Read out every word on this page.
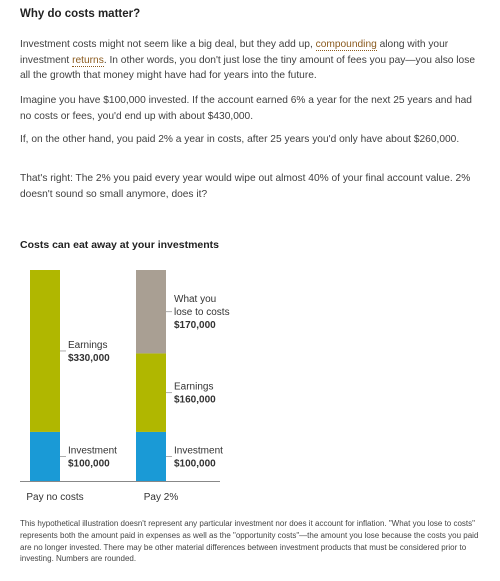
Why do costs matter?

Investment costs might not seem like a big deal, but they add up, compounding along with your investment returns. In other words, you don't just lose the tiny amount of fees you pay—you also lose all the growth that money might have had for years into the future.

Imagine you have $100,000 invested. If the account earned 6% a year for the next 25 years and had no costs or fees, you'd end up with about $430,000.

If, on the other hand, you paid 2% a year in costs, after 25 years you'd only have about $260,000.

That's right: The 2% you paid every year would wipe out almost 40% of your final account value. 2% doesn't sound so small anymore, does it?

Costs can eat away at your investments
Investment
$100,000
Earnings
$330,000
Pay no costs
Investment
$100,000
Earnings
$160,000
What you
lose to costs
$170,000
Pay 2%

This hypothetical illustration doesn't represent any particular investment nor does it account for inflation. "What you lose to costs" represents both the amount paid in expenses as well as the "opportunity costs"—the amount you lose because the costs you paid are no longer invested. There may be other material differences between investment products that must be considered prior to investing. Numbers are rounded.
